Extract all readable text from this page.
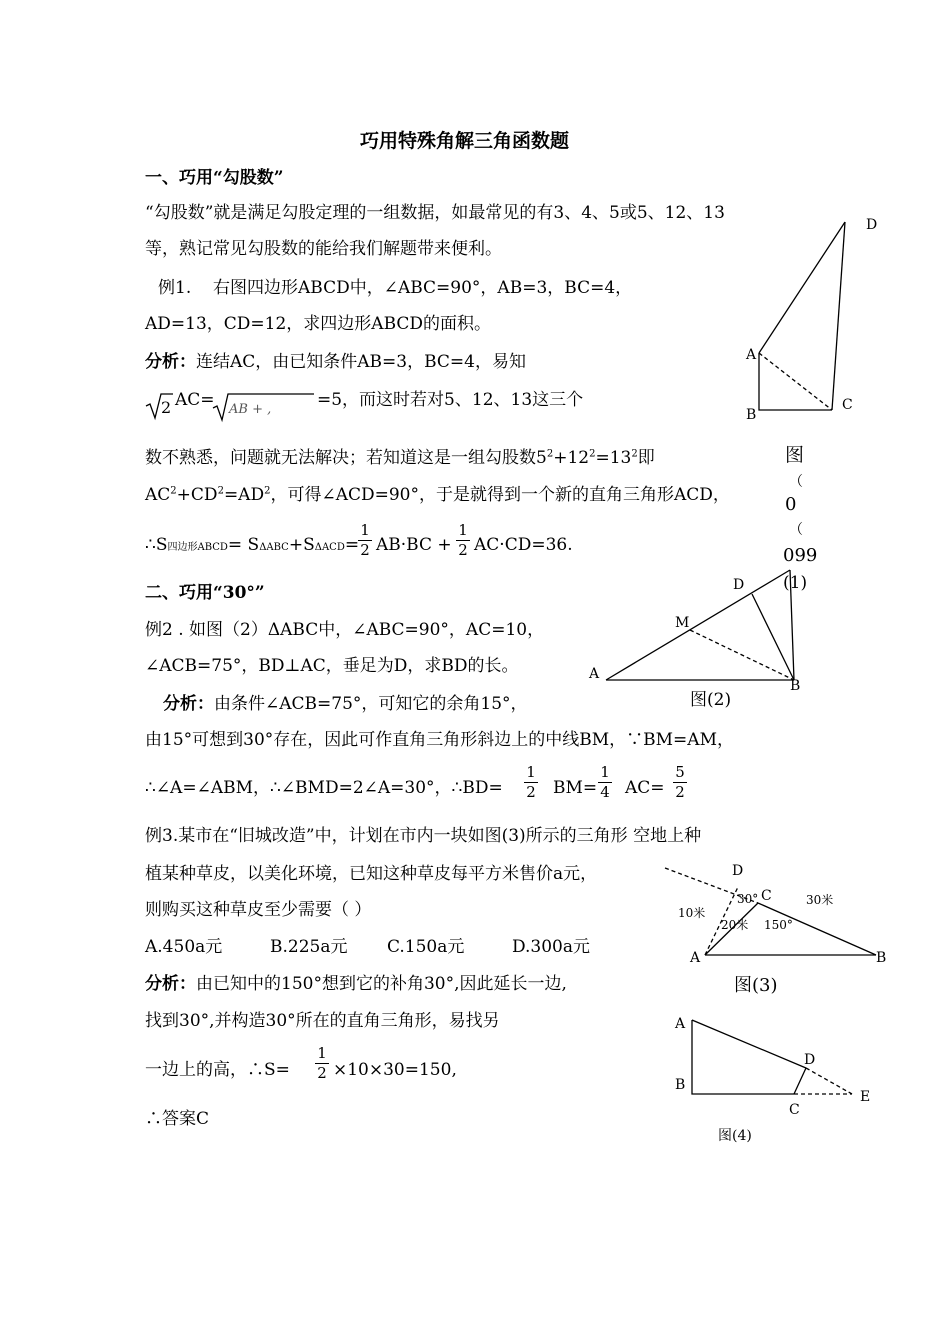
巧用特殊角解三角函数题
一、巧用“勾股数”
“勾股数”就是满足勾股定理的一组数据，如最常见的有3、4、5或5、12、13
等，熟记常见勾股数的能给我们解题带来便利。
例1. 右图四边形ABCD中，∠ABC=90°，AB=3，BC=4，
AD=13，CD=12，求四边形ABCD的面积。
分析：连结AC，由已知条件AB=3，BC=4，易知
2 AC= AB + ,	=5，而这时若对5、12、13这三个
数不熟悉，问题就无法解决；若知道这是一组勾股数$5^2+12^2=13^2$即
$AC^2+CD^2=AD^2$，可得∠ACD=90°，于是就得到一个新的直角三角形ACD，
∴S四边形ABCD= SΔABC+SΔACD=
$\frac{1}{2} AB\cdot BC + \frac{1}{2} AC\cdot CD=36$.
二、巧用“30°”
例2 . 如图（2）ΔABC中，∠ABC=90°，AC=10，
∠ACB=75°，BD⊥AC，垂足为D，求BD的长。
分析：由条件∠ACB=75°，可知它的余角15°，
由15°可想到30°存在，因此可作直角三角形斜边上的中线BM，∵BM=AM，
∴∠A=∠ABM，∴∠BMD=2∠A=30°，∴BD= $\frac{1}{2} BM= \frac{1}{4} AC= \frac{5}{2}$
例3.某市在“旧城改造”中，计划在市内一块如图(3)所示的三角形 空地上种
植某种草皮，以美化环境，已知这种草皮每平方米售价a元，
则购买这种草皮至少需要（ ）
A.450a元	B.225a元 C.150a元	D.300a元
分析：由已知中的150°想到它的补角30°,因此延长一边,
找到30°,并构造30°所在的直角三角形，易找另
一边上的高，∴S= $\frac{1}{2} \times 10\times 30=150$,
∴答案C
D
A
B
C
图
（
0
（
099
(1)
D
M
A
B
图(2)
D
30° C	30米
10米
20米 150°
A	B
图(3)
A
B
D
C
E
图(4)
